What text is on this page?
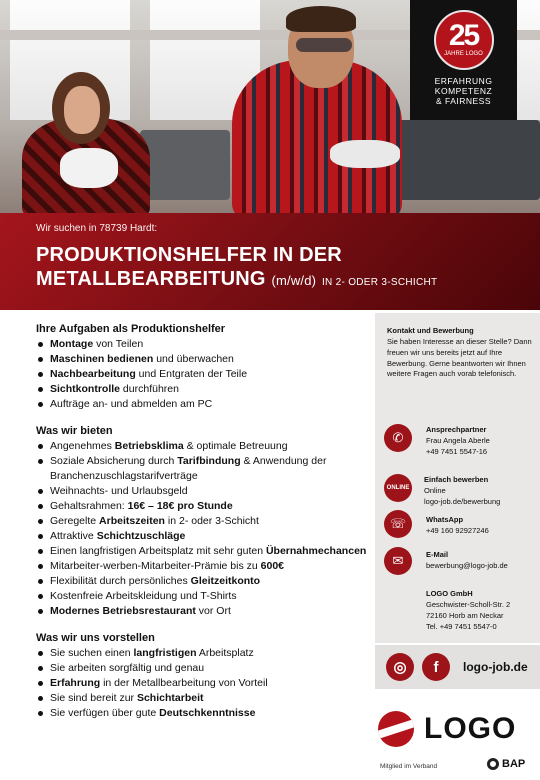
25
JAHRE LOGO
ERFAHRUNG
KOMPETENZ
& FAIRNESS
Wir suchen in 78739 Hardt:
PRODUKTIONSHELFER IN DER
METALLBEARBEITUNG (m/w/d) IN 2- ODER 3-SCHICHT
Ihre Aufgaben als Produktionshelfer
Montage von Teilen
Maschinen bedienen und überwachen
Nachbearbeitung und Entgraten der Teile
Sichtkontrolle durchführen
Aufträge an- und abmelden am PC
Was wir bieten
Angenehmes Betriebsklima & optimale Betreuung
Soziale Absicherung durch Tarifbindung & Anwendung der Branchenzuschlagstarifverträge
Weihnachts- und Urlaubsgeld
Gehaltsrahmen: 16€ – 18€ pro Stunde
Geregelte Arbeitszeiten in 2- oder 3-Schicht
Attraktive Schichtzuschläge
Einen langfristigen Arbeitsplatz mit sehr guten Übernahmechancen
Mitarbeiter-werben-Mitarbeiter-Prämie bis zu 600€
Flexibilität durch persönliches Gleitzeitkonto
Kostenfreie Arbeitskleidung und T-Shirts
Modernes Betriebsrestaurant vor Ort
Was wir uns vorstellen
Sie suchen einen langfristigen Arbeitsplatz
Sie arbeiten sorgfältig und genau
Erfahrung in der Metallbearbeitung von Vorteil
Sie sind bereit zur Schichtarbeit
Sie verfügen über gute Deutschkenntnisse
Kontakt und Bewerbung
Sie haben Interesse an dieser Stelle? Dann freuen wir uns bereits jetzt auf Ihre Bewerbung. Gerne beantworten wir Ihnen weitere Fragen auch vorab telefonisch.
✆
Ansprechpartner
Frau Angela Aberle
+49 7451 5547-16
ONLINE
Einfach bewerben
Online
logo-job.de/bewerbung
☏	WhatsApp
+49 160 92927246
✉	E-Mail
bewerbung@logo-job.de
LOGO GmbH
Geschwister-Scholl-Str. 2
72160 Horb am Neckar
Tel. +49 7451 5547-0
◎	f	logo-job.de
LOGO
Mitglied im Verband	BAP
